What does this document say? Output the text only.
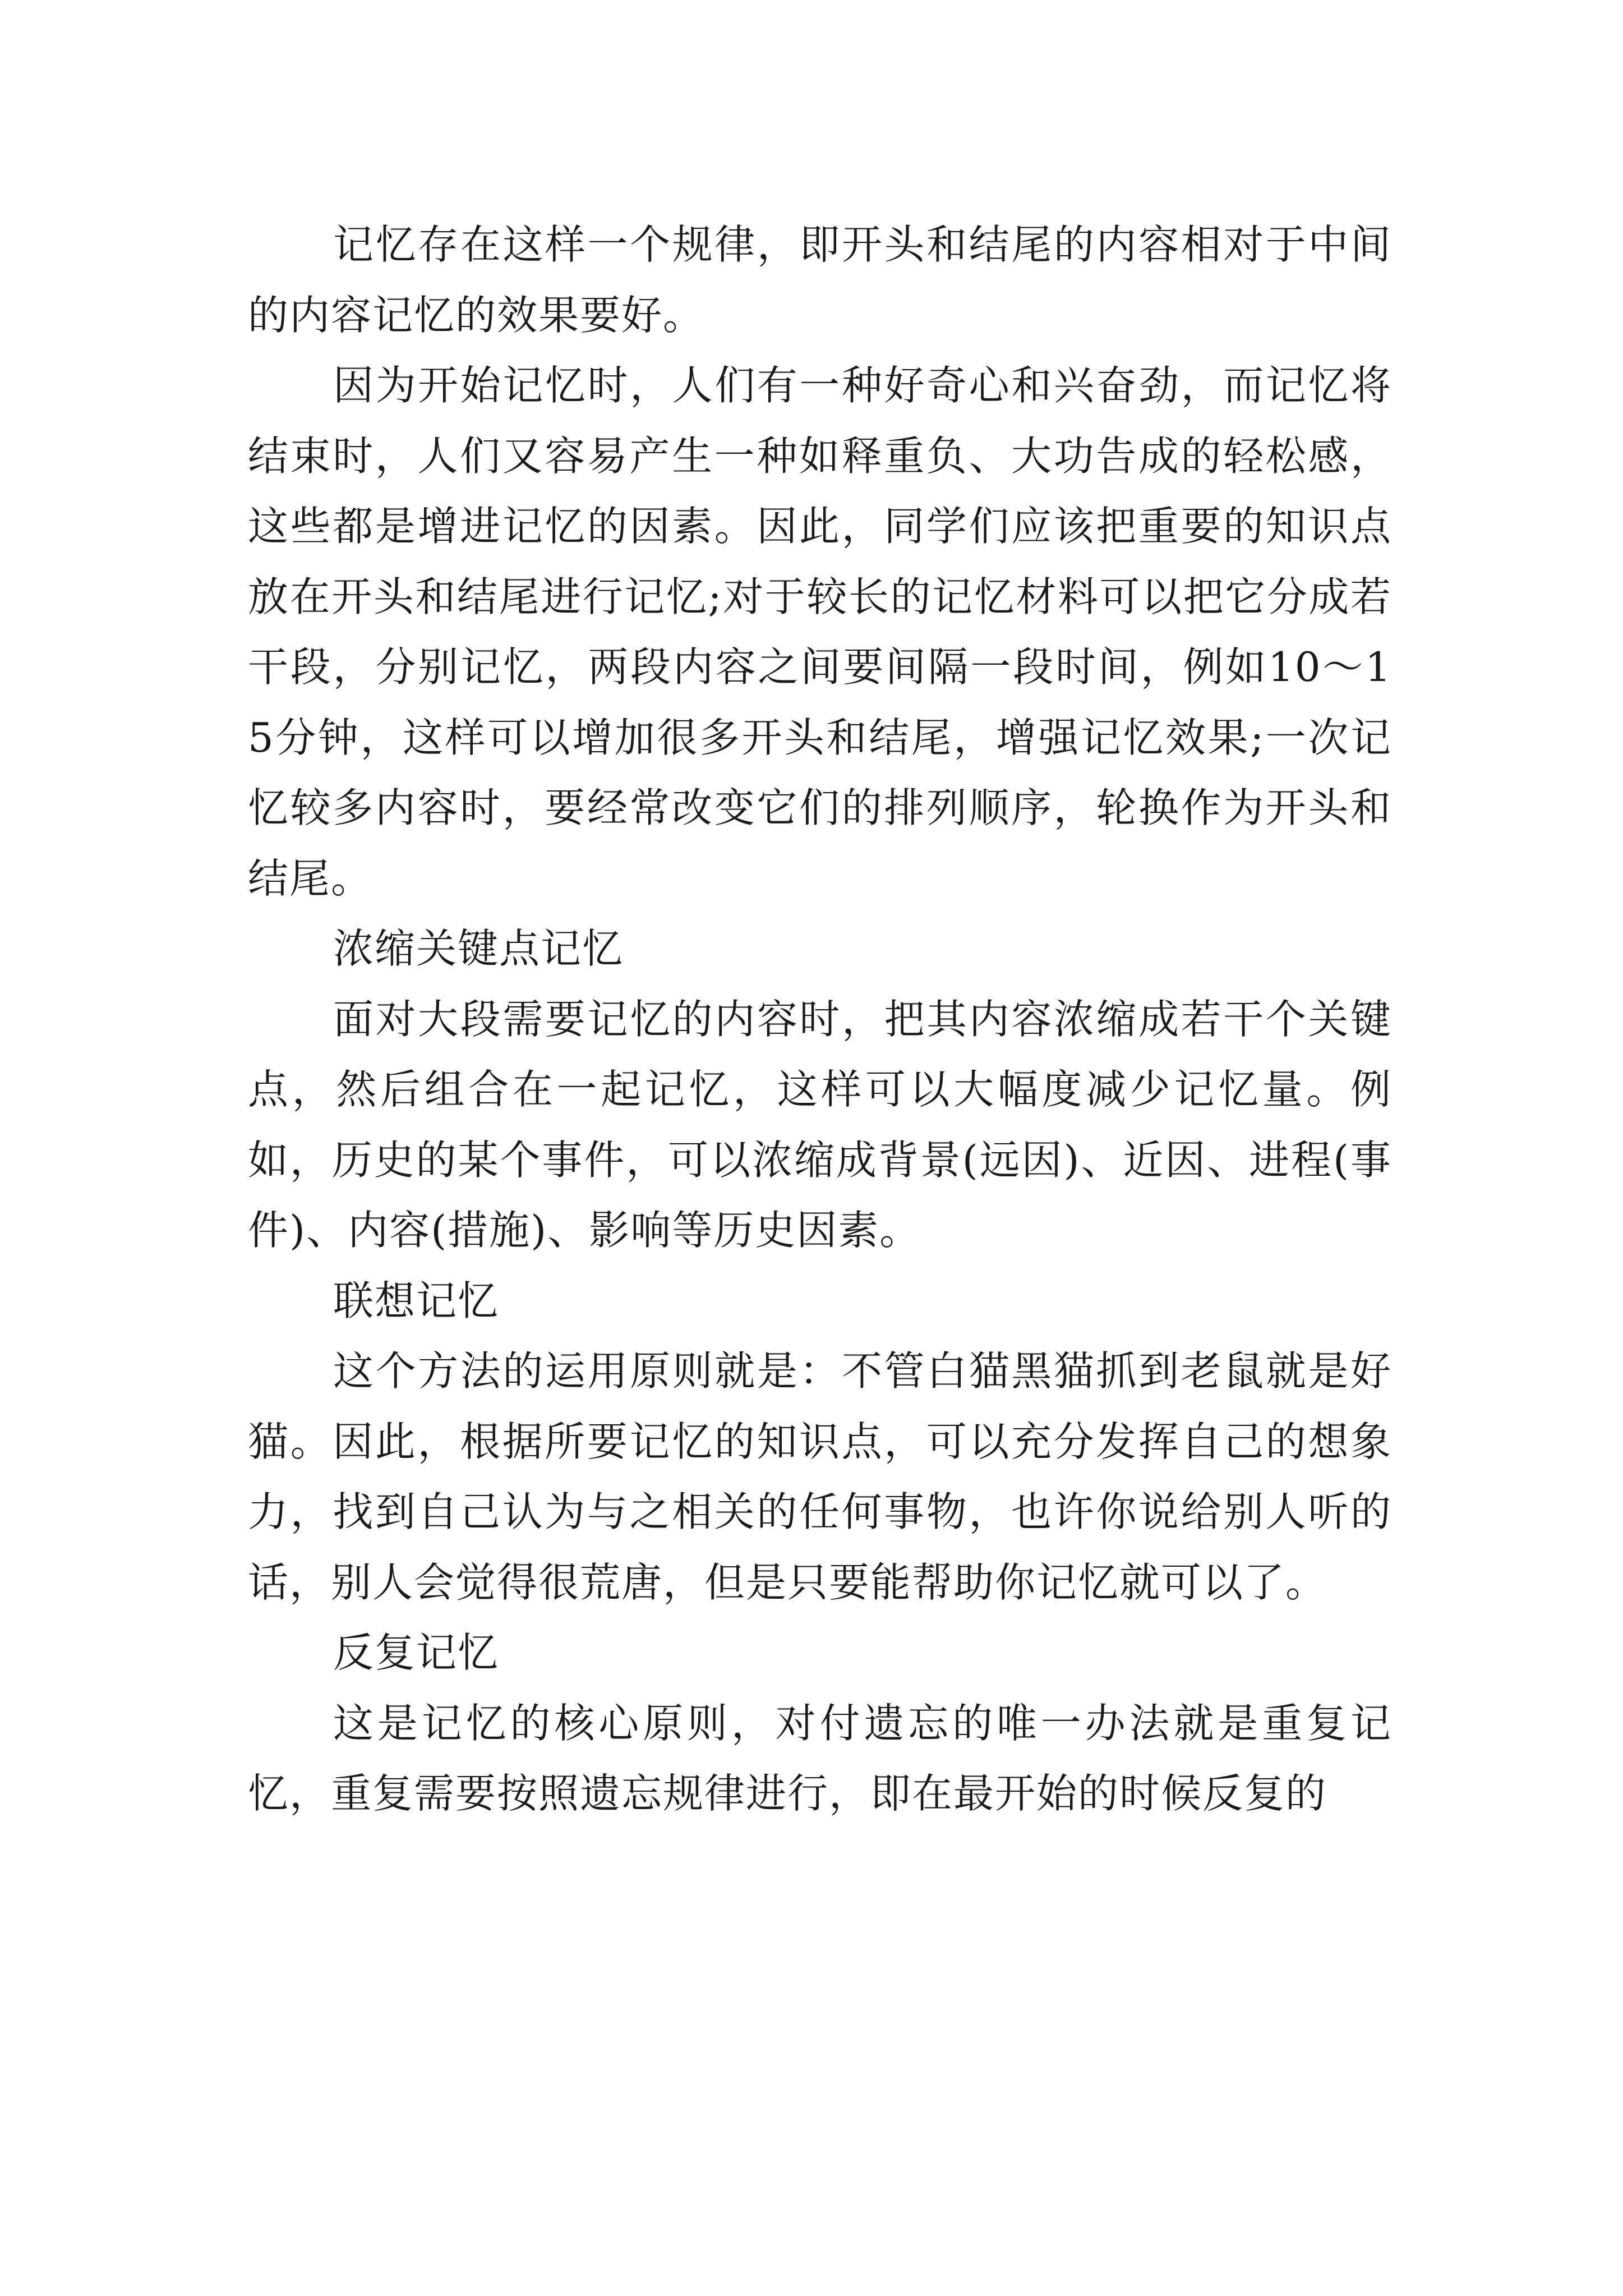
记忆存在这样一个规律，即开头和结尾的内容相对于中间的内容记忆的效果要好。

因为开始记忆时，人们有一种好奇心和兴奋劲，而记忆将结束时，人们又容易产生一种如释重负、大功告成的轻松感，这些都是增进记忆的因素。因此，同学们应该把重要的知识点放在开头和结尾进行记忆;对于较长的记忆材料可以把它分成若干段，分别记忆，两段内容之间要间隔一段时间，例如10～15分钟，这样可以增加很多开头和结尾，增强记忆效果;一次记忆较多内容时，要经常改变它们的排列顺序，轮换作为开头和结尾。

浓缩关键点记忆

面对大段需要记忆的内容时，把其内容浓缩成若干个关键点，然后组合在一起记忆，这样可以大幅度减少记忆量。例如，历史的某个事件，可以浓缩成背景(远因)、近因、进程(事件)、内容(措施)、影响等历史因素。

联想记忆

这个方法的运用原则就是：不管白猫黑猫抓到老鼠就是好猫。因此，根据所要记忆的知识点，可以充分发挥自己的想象力，找到自己认为与之相关的任何事物，也许你说给别人听的话，别人会觉得很荒唐，但是只要能帮助你记忆就可以了。

反复记忆

这是记忆的核心原则，对付遗忘的唯一办法就是重复记忆，重复需要按照遗忘规律进行，即在最开始的时候反复的
